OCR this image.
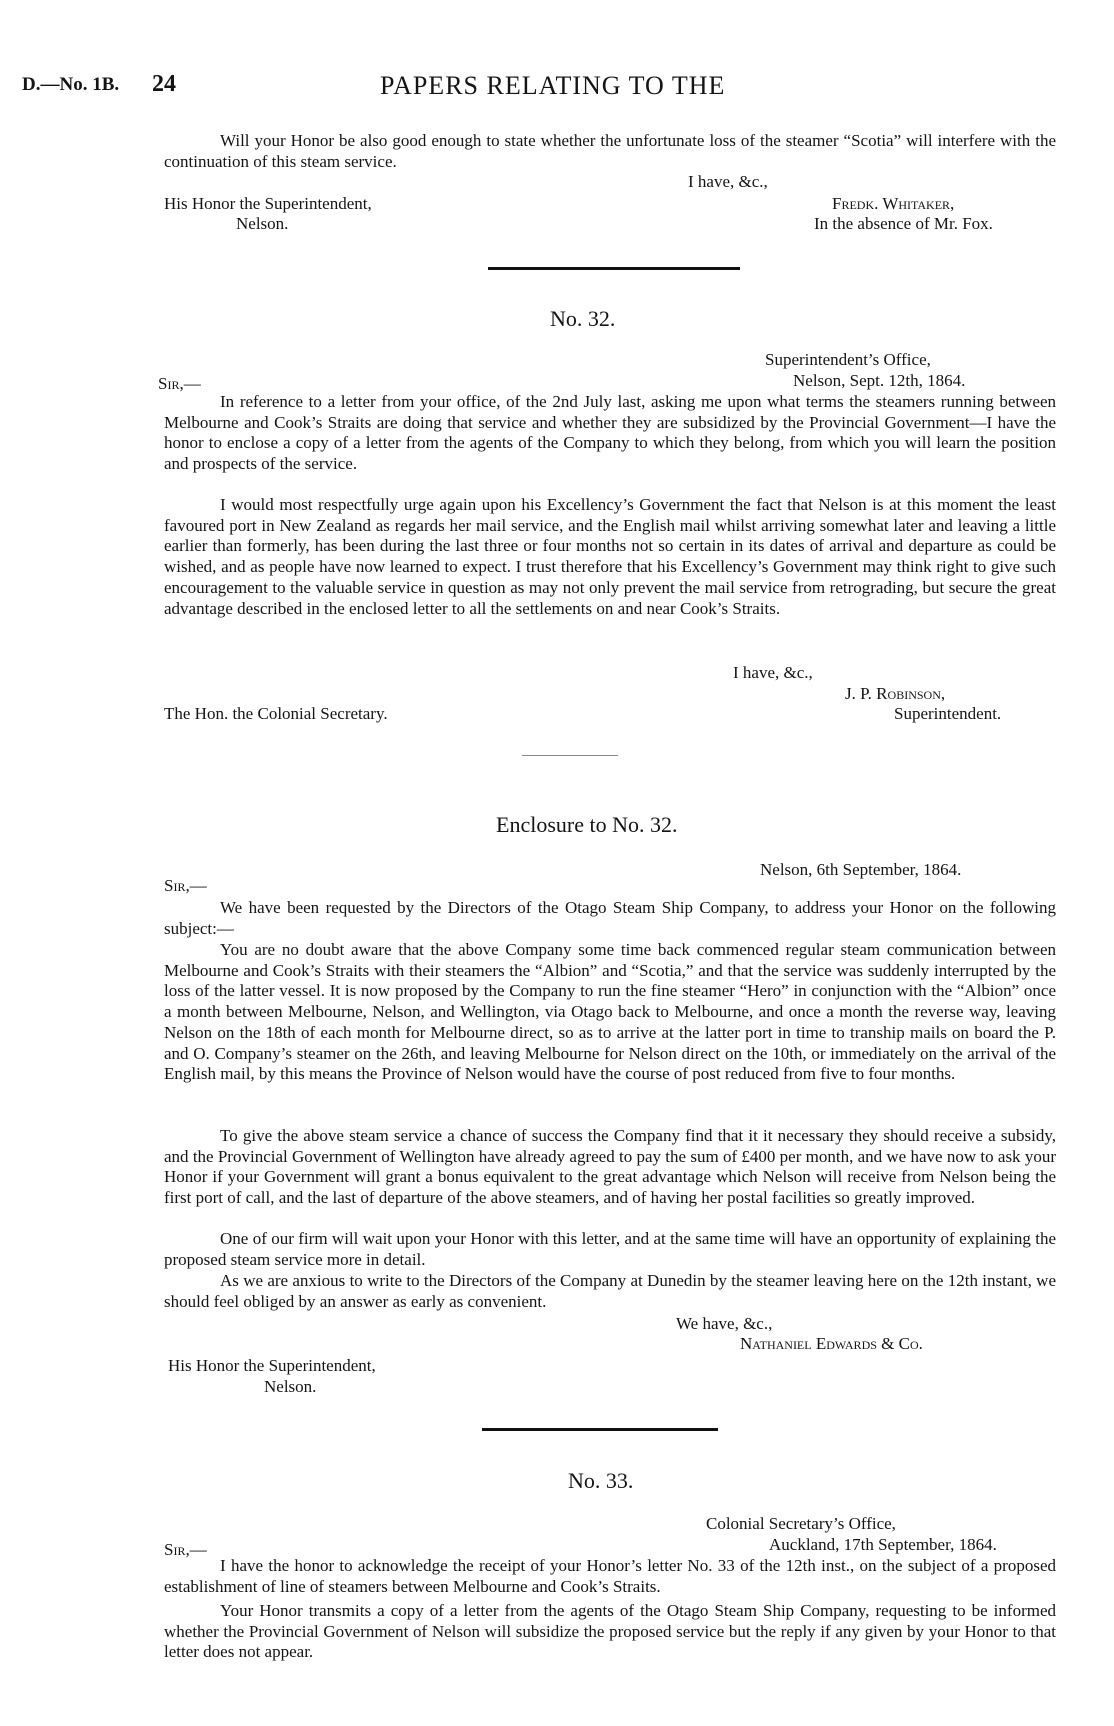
D.—No. 1B. 24	PAPERS RELATING TO THE

Will your Honor be also good enough to state whether the unfortunate loss of the steamer “Scotia” will interfere with the continuation of this steam service.

I have, &c.,
His Honor the Superintendent,
Nelson.
Fredk. Whitaker,
In the absence of Mr. Fox.
No. 32.
Superintendent’s Office,
Nelson, Sept. 12th, 1864.
Sir,—

In reference to a letter from your office, of the 2nd July last, asking me upon what terms the steamers running between Melbourne and Cook’s Straits are doing that service and whether they are subsidized by the Provincial Government—I have the honor to enclose a copy of a letter from the agents of the Company to which they belong, from which you will learn the position and prospects of the service.

I would most respectfully urge again upon his Excellency’s Government the fact that Nelson is at this moment the least favoured port in New Zealand as regards her mail service, and the English mail whilst arriving somewhat later and leaving a little earlier than formerly, has been during the last three or four months not so certain in its dates of arrival and departure as could be wished, and as people have now learned to expect. I trust therefore that his Excellency’s Government may think right to give such encouragement to the valuable service in question as may not only prevent the mail service from retrograding, but secure the great advantage described in the enclosed letter to all the settlements on and near Cook’s Straits.

I have, &c.,
J. P. Robinson,
The Hon. the Colonial Secretary.	Superintendent.
Enclosure to No. 32.
Nelson, 6th September, 1864.
Sir,—

We have been requested by the Directors of the Otago Steam Ship Company, to address your Honor on the following subject:—

You are no doubt aware that the above Company some time back commenced regular steam communication between Melbourne and Cook’s Straits with their steamers the “Albion” and “Scotia,” and that the service was suddenly interrupted by the loss of the latter vessel. It is now proposed by the Company to run the fine steamer “Hero” in conjunction with the “Albion” once a month between Melbourne, Nelson, and Wellington, via Otago back to Melbourne, and once a month the reverse way, leaving Nelson on the 18th of each month for Melbourne direct, so as to arrive at the latter port in time to tranship mails on board the P. and O. Company’s steamer on the 26th, and leaving Melbourne for Nelson direct on the 10th, or immediately on the arrival of the English mail, by this means the Province of Nelson would have the course of post reduced from five to four months.

To give the above steam service a chance of success the Company find that it it necessary they should receive a subsidy, and the Provincial Government of Wellington have already agreed to pay the sum of £400 per month, and we have now to ask your Honor if your Government will grant a bonus equivalent to the great advantage which Nelson will receive from Nelson being the first port of call, and the last of departure of the above steamers, and of having her postal facilities so greatly improved.

One of our firm will wait upon your Honor with this letter, and at the same time will have an opportunity of explaining the proposed steam service more in detail.

As we are anxious to write to the Directors of the Company at Dunedin by the steamer leaving here on the 12th instant, we should feel obliged by an answer as early as convenient.

We have, &c.,
Nathaniel Edwards & Co.
His Honor the Superintendent,
Nelson.
No. 33.
Colonial Secretary’s Office,
Auckland, 17th September, 1864.
Sir,—

I have the honor to acknowledge the receipt of your Honor’s letter No. 33 of the 12th inst., on the subject of a proposed establishment of line of steamers between Melbourne and Cook’s Straits.

Your Honor transmits a copy of a letter from the agents of the Otago Steam Ship Company, requesting to be informed whether the Provincial Government of Nelson will subsidize the proposed service but the reply if any given by your Honor to that letter does not appear.
